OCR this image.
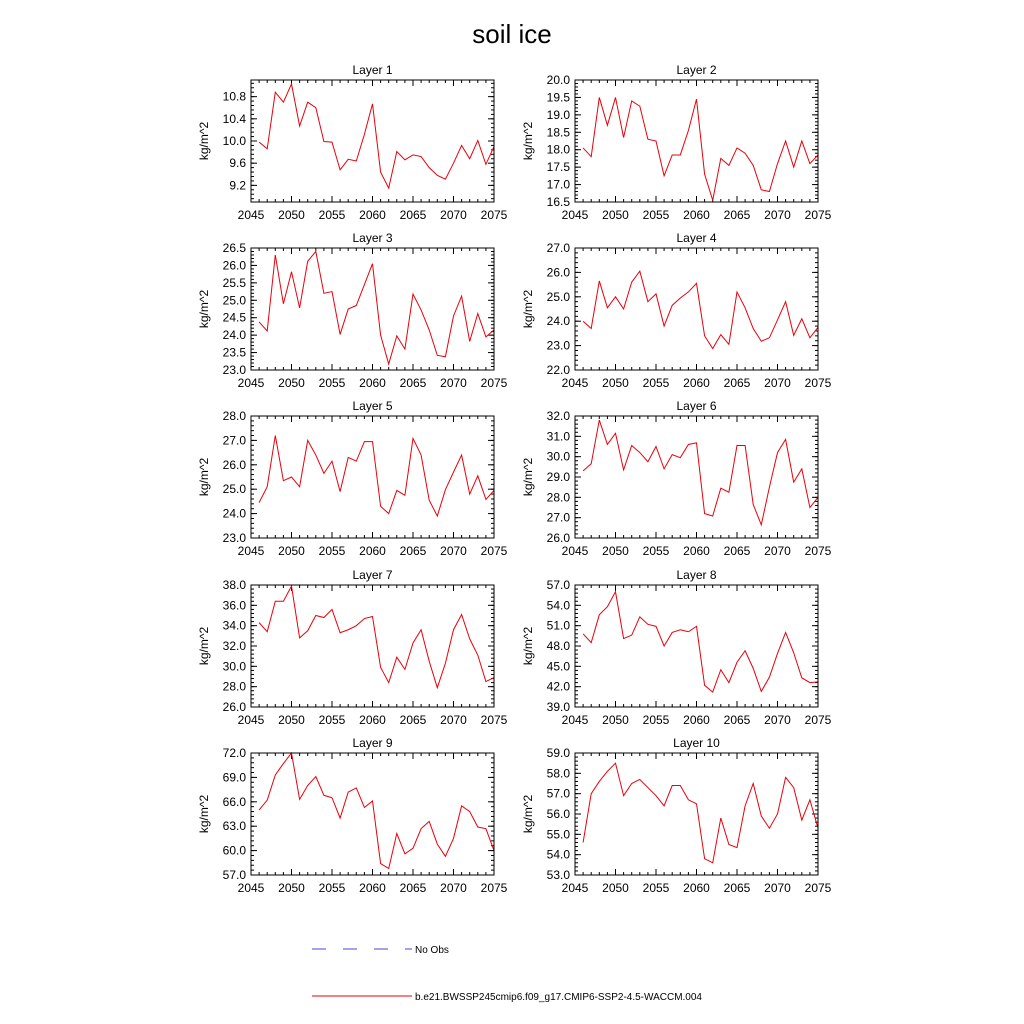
soil ice
Layer 1
kg/m^2
2045 2050 2055 2060 2065 2070 2075
9.2
9.6
10.0
10.4
10.8
Layer 2
kg/m^2
2045 2050 2055 2060 2065 2070 2075
16.5
17.0
17.5
18.0
18.5
19.0
19.5
20.0
Layer 3
kg/m^2
2045 2050 2055 2060 2065 2070 2075
23.0
23.5
24.0
24.5
25.0
25.5
26.0
26.5
Layer 4
kg/m^2
2045 2050 2055 2060 2065 2070 2075
22.0
23.0
24.0
25.0
26.0
27.0
Layer 5
kg/m^2
2045 2050 2055 2060 2065 2070 2075
23.0
24.0
25.0
26.0
27.0
28.0
Layer 6
kg/m^2
2045 2050 2055 2060 2065 2070 2075
26.0
27.0
28.0
29.0
30.0
31.0
32.0
Layer 7
kg/m^2
2045 2050 2055 2060 2065 2070 2075
26.0
28.0
30.0
32.0
34.0
36.0
38.0
Layer 8
kg/m^2
2045 2050 2055 2060 2065 2070 2075
39.0
42.0
45.0
48.0
51.0
54.0
57.0
Layer 9
kg/m^2
2045 2050 2055 2060 2065 2070 2075
57.0
60.0
63.0
66.0
69.0
72.0
Layer 10
kg/m^2
2045 2050 2055 2060 2065 2070 2075
53.0
54.0
55.0
56.0
57.0
58.0
59.0
No Obs
b.e21.BWSSP245cmip6.f09_g17.CMIP6-SSP2-4.5-WACCM.004
